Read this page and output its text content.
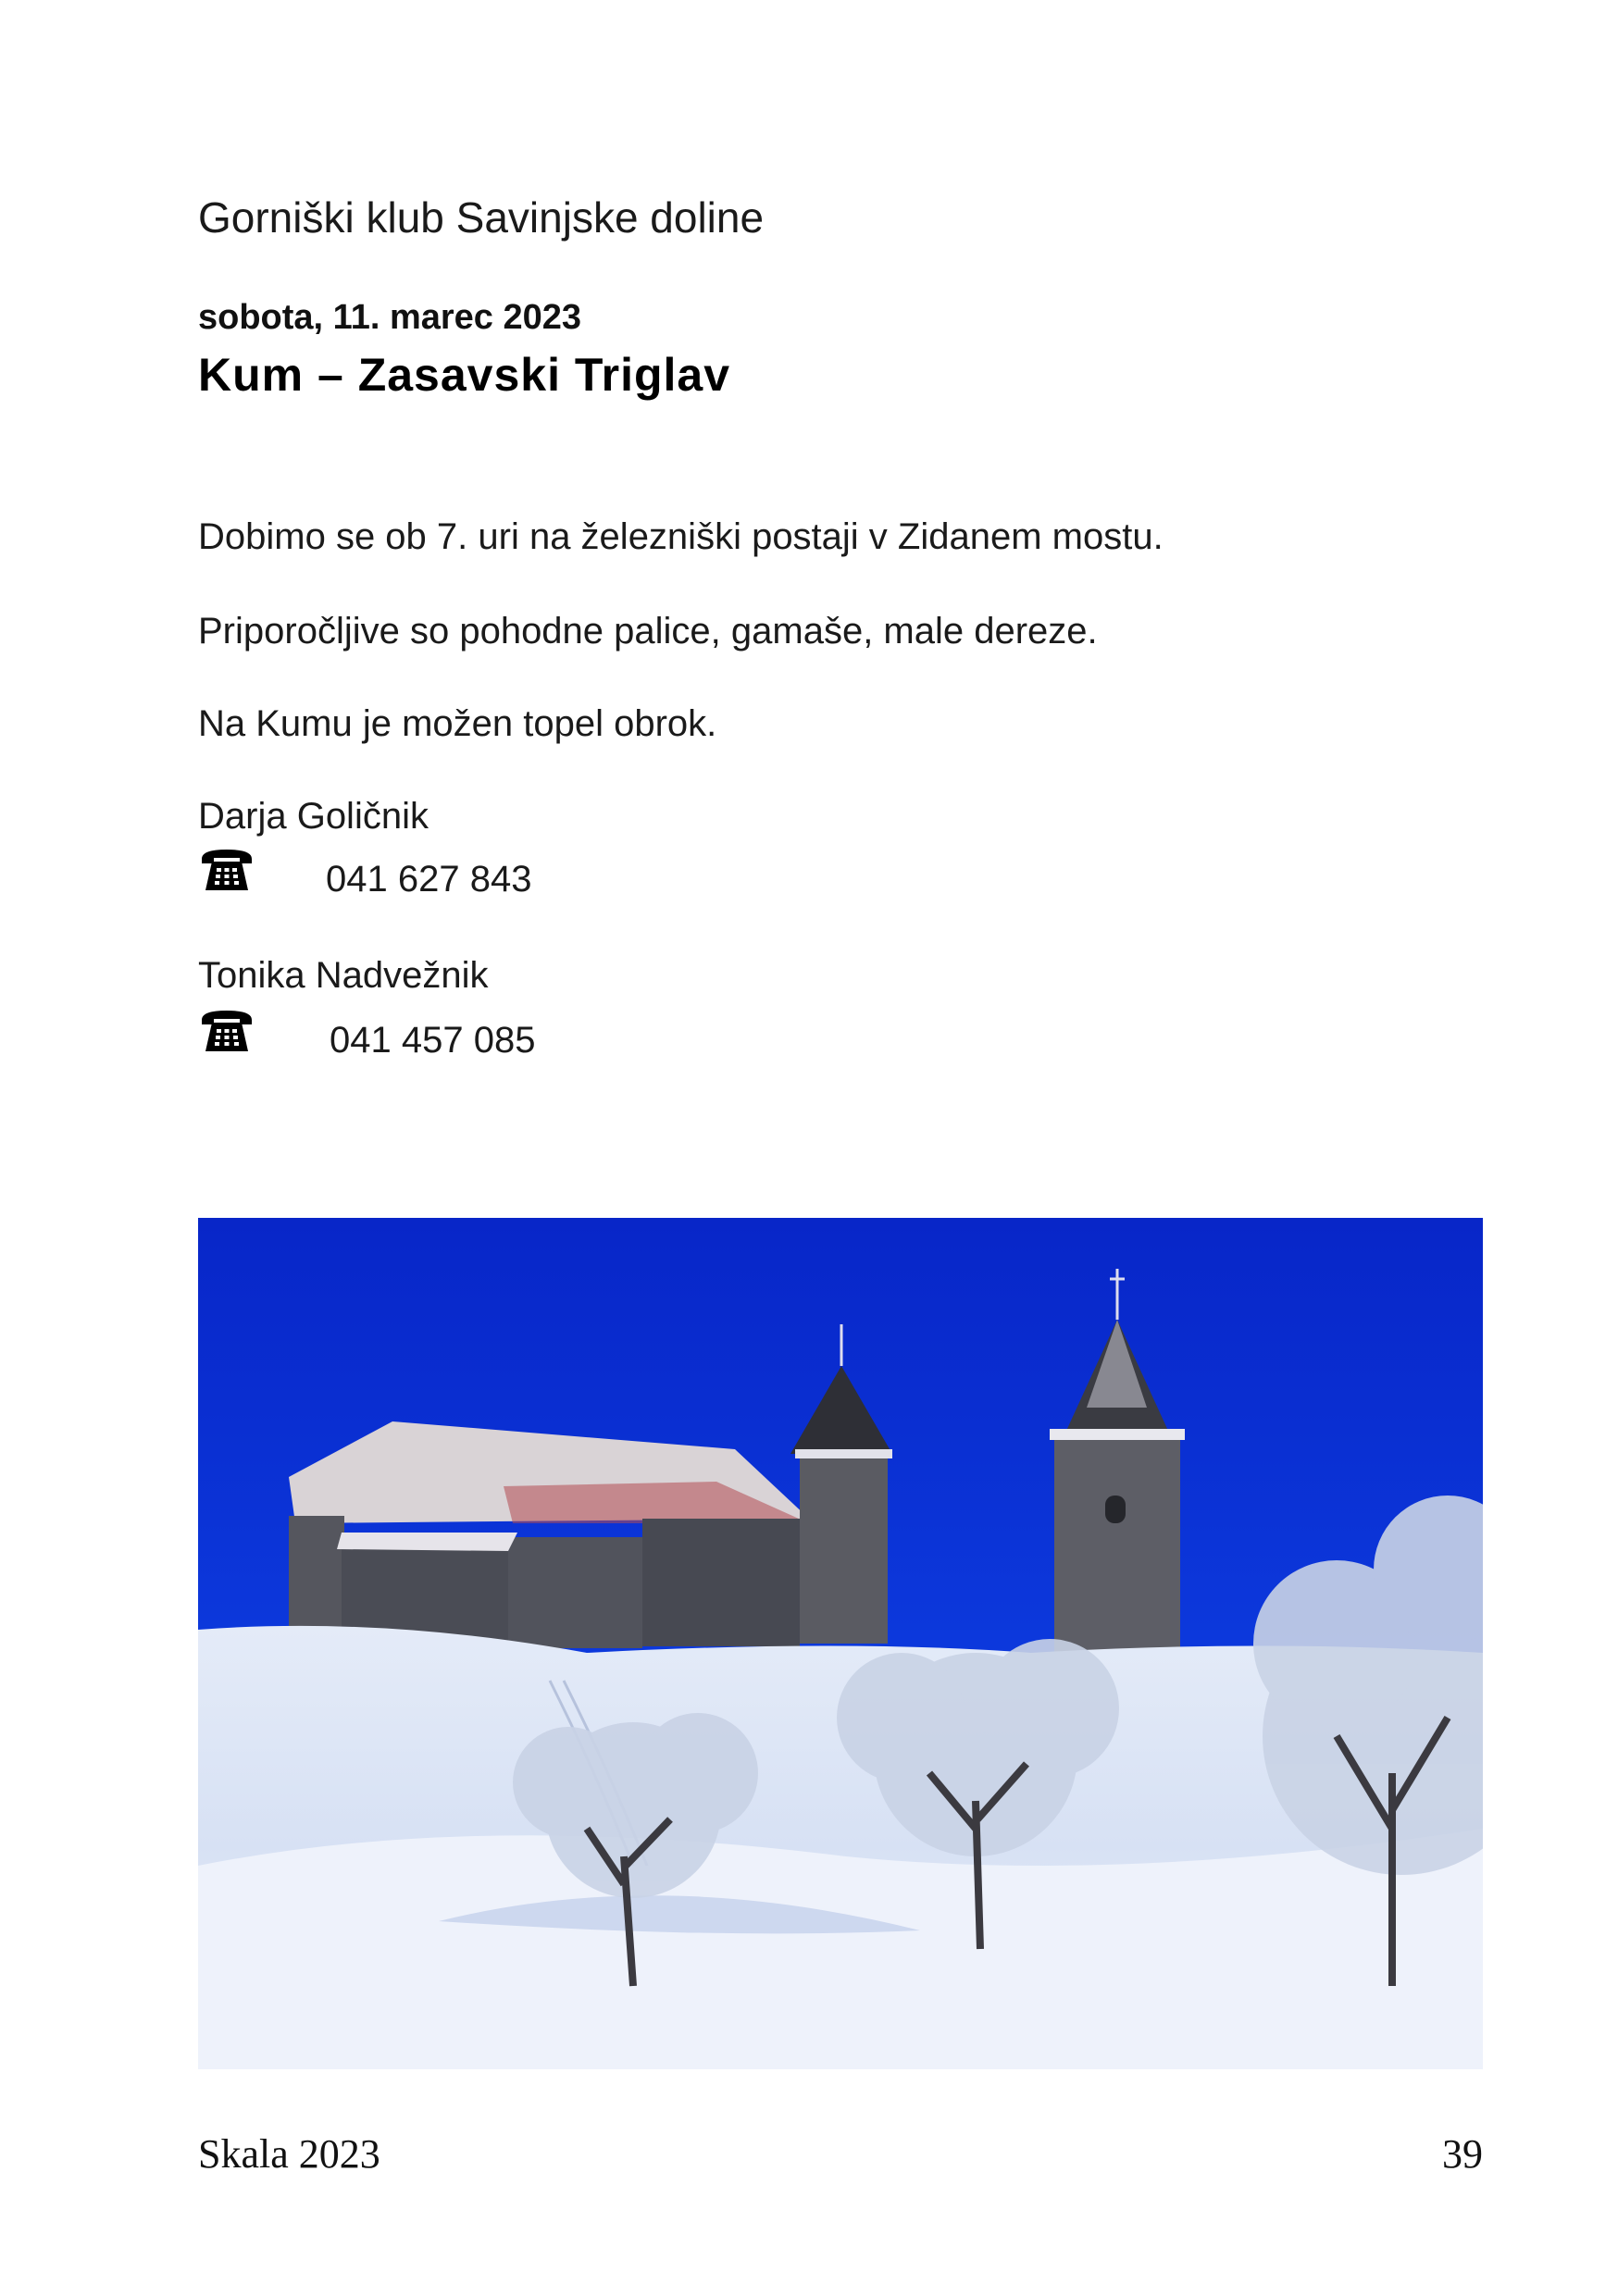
Gorniški klub Savinjske doline
sobota, 11. marec 2023
Kum – Zasavski Triglav
Dobimo se ob 7. uri na železniški postaji v Zidanem mostu.
Priporočljive so pohodne palice, gamaše, male dereze.
Na Kumu je možen topel obrok.
Darja Goličnik
041 627 843
Tonika Nadvežnik
041 457 085
Skala 2023	39
